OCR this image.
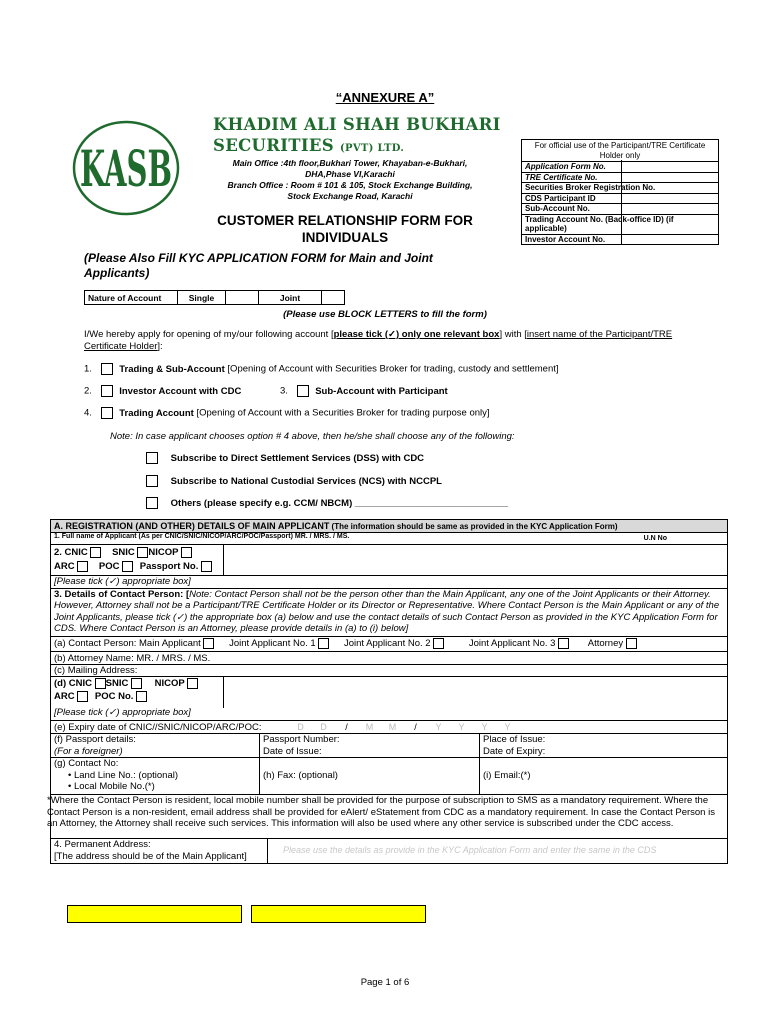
“ANNEXURE A”
KASB
KHADIM ALI SHAH BUKHARI
SECURITIES (PVT) LTD.
Main Office :4th floor,Bukhari Tower, Khayaban-e-Bukhari,
DHA,Phase VI,Karachi
Branch Office : Room # 101 & 105, Stock Exchange Building,
Stock Exchange Road, Karachi
For official use of the Participant/TRE Certificate Holder only
Application Form No.
TRE Certificate No.
Securities Broker Registration No.
CDS Participant ID
Sub-Account No.
Trading Account No. (Back-office ID) (if applicable)
Investor Account No.
CUSTOMER RELATIONSHIP FORM FOR
INDIVIDUALS
(Please Also Fill KYC APPLICATION FORM for Main and Joint Applicants)
Nature of Account	Single		Joint	
(Please use BLOCK LETTERS to fill the form)
I/We hereby apply for opening of my/our following account [please tick (✓) only one relevant box] with [insert name of the Participant/TRE Certificate Holder]:
1.	Trading & Sub-Account [Opening of Account with Securities Broker for trading, custody and settlement]
2.	Investor Account with CDC	3.	Sub-Account with Participant
4.	Trading Account [Opening of Account with a Securities Broker for trading purpose only]
Note: In case applicant chooses option # 4 above, then he/she shall choose any of the following:
Subscribe to Direct Settlement Services (DSS) with CDC
Subscribe to National Custodial Services (NCS) with NCCPL
Others (please specify e.g. CCM/ NBCM) _____________________________
A. REGISTRATION (AND OTHER) DETAILS OF MAIN APPLICANT (The information should be same as provided in the KYC Application Form)
1. Full name of Applicant (As per CNIC/SNIC/NICOP/ARC/POC/Passport) MR. / MRS. / MS.	U.N No
2. CNIC	SNIC NICOP
ARC	POC Passport No.
[Please tick (✓) appropriate box]
3. Details of Contact Person: [Note: Contact Person shall not be the person other than the Main Applicant, any one of the Joint Applicants or their Attorney. However, Attorney shall not be a Participant/TRE Certificate Holder or its Director or Representative. Where Contact Person is the Main Applicant or any of the Joint Applicants, please tick (✓) the appropriate box (a) below and use the contact details of such Contact Person as provided in the KYC Application Form for CDS. Where Contact Person is an Attorney, please provide details in (a) to (i) below]
(a) Contact Person: Main Applicant	Joint Applicant No. 1	Joint Applicant No. 2	Joint Applicant No. 3	Attorney
(b) Attorney Name: MR. / MRS. / MS.
(c) Mailing Address:
(d) CNIC SNIC	NICOP
ARC POC No.
[Please tick (✓) appropriate box]
(e) Expiry date of CNIC//SNIC/NICOP/ARC/POC:	D D / M M / Y Y Y Y
(f) Passport details:
(For a foreigner)
Passport Number:
Date of Issue:
Place of Issue:
Date of Expiry:
(g) Contact No:
• Land Line No.: (optional)
• Local Mobile No.(*)
(h) Fax: (optional)	(i) Email:(*)
*Where the Contact Person is resident, local mobile number shall be provided for the purpose of subscription to SMS as a mandatory requirement. Where the Contact Person is a non-resident, email address shall be provided for eAlert/ eStatement from CDC as a mandatory requirement. In case the Contact Person is an Attorney, the Attorney shall receive such services. This information will also be used where any other service is subscribed under the CDC access.
4. Permanent Address:
[The address should be of the Main Applicant]
Please use the details as provide in the KYC Application Form and enter the same in the CDS
Page 1 of 6
